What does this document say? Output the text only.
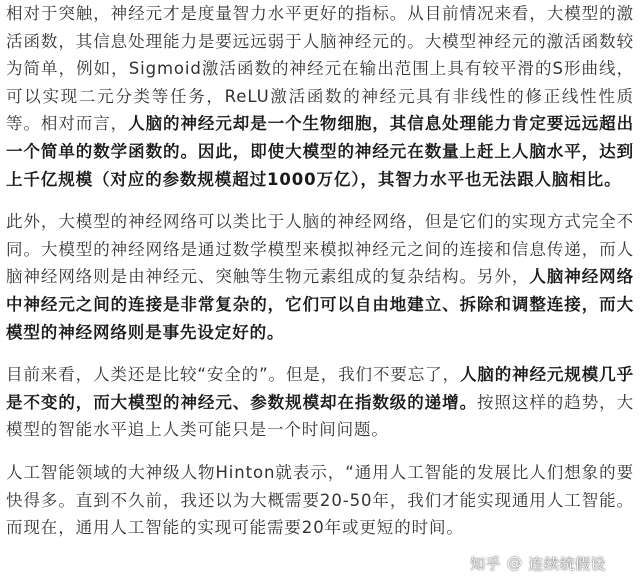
相对于突触，神经元才是度量智力水平更好的指标。从目前情况来看，大模型的激活函数，其信息处理能力是要远远弱于人脑神经元的。大模型神经元的激活函数较为简单，例如，Sigmoid激活函数的神经元在输出范围上具有较平滑的S形曲线，可以实现二元分类等任务，ReLU激活函数的神经元具有非线性的修正线性性质等。相对而言，人脑的神经元却是一个生物细胞，其信息处理能力肯定要远远超出一个简单的数学函数的。因此，即使大模型的神经元在数量上赶上人脑水平，达到上千亿规模（对应的参数规模超过1000万亿），其智力水平也无法跟人脑相比。

此外，大模型的神经网络可以类比于人脑的神经网络，但是它们的实现方式完全不同。大模型的神经网络是通过数学模型来模拟神经元之间的连接和信息传递，而人脑神经网络则是由神经元、突触等生物元素组成的复杂结构。另外，人脑神经网络中神经元之间的连接是非常复杂的，它们可以自由地建立、拆除和调整连接，而大模型的神经网络则是事先设定好的。

目前来看，人类还是比较“安全的”。但是，我们不要忘了，人脑的神经元规模几乎是不变的，而大模型的神经元、参数规模却在指数级的递增。按照这样的趋势，大模型的智能水平追上人类可能只是一个时间问题。

人工智能领域的大神级人物Hinton就表示，“通用人工智能的发展比人们想象的要快得多。直到不久前，我还以为大概需要20-50年，我们才能实现通用人工智能。而现在，通用人工智能的实现可能需要20年或更短的时间。

知乎 @ 连续统假设
